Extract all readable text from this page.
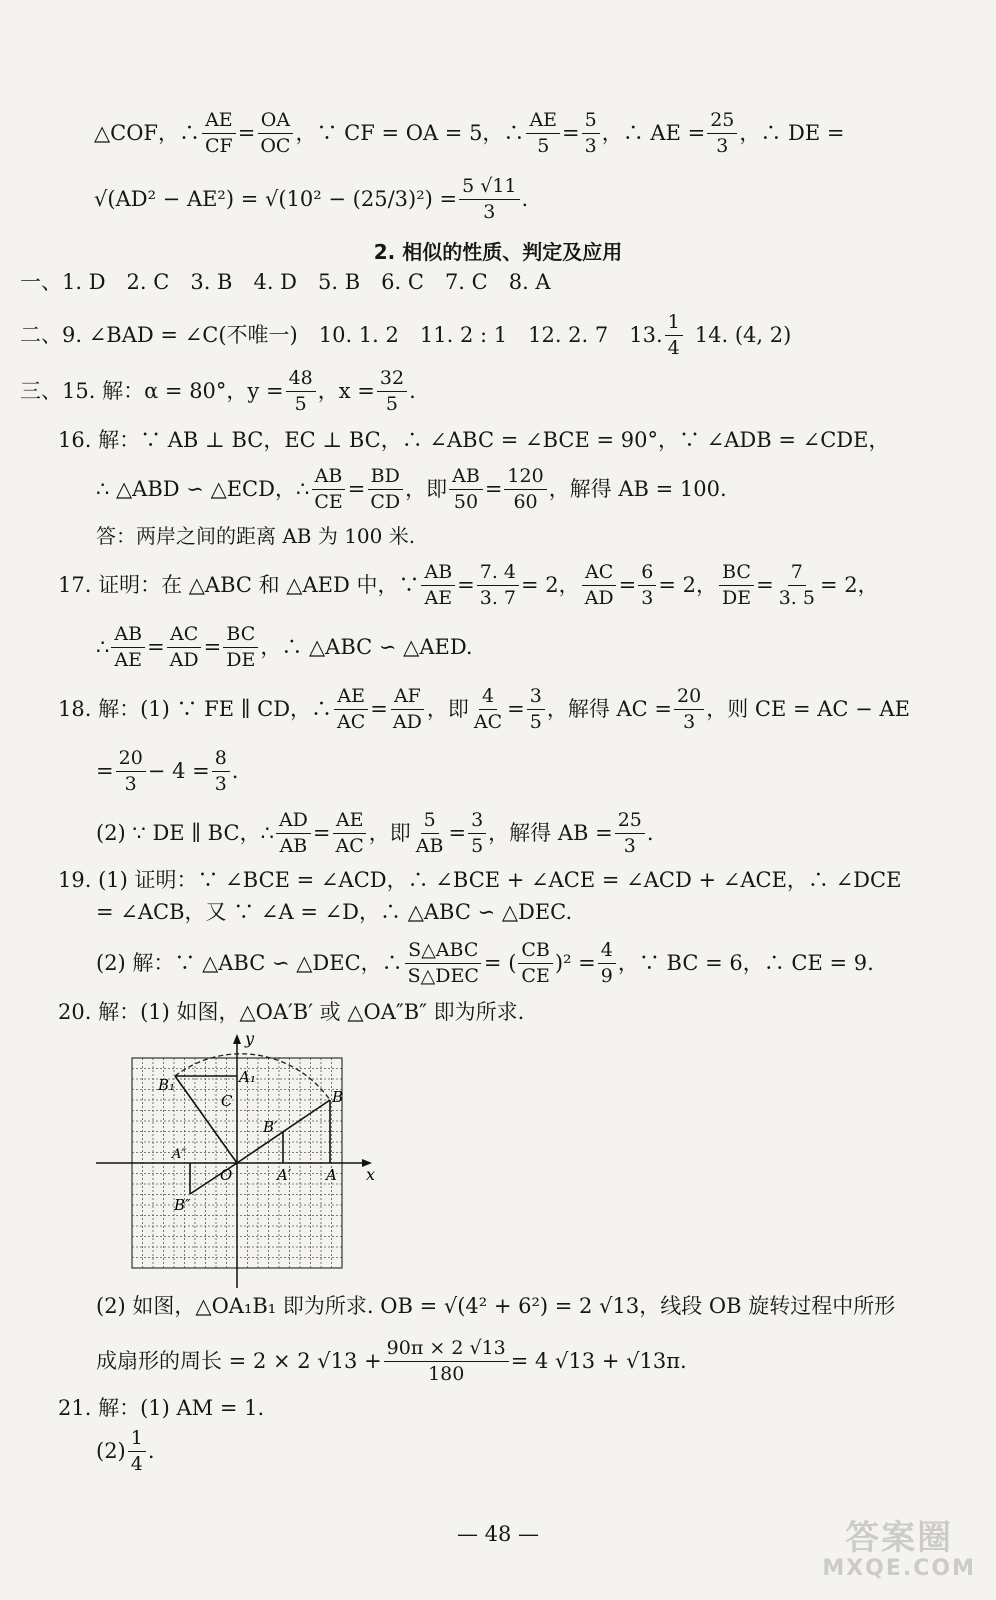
△COF，∴ $\frac{AE}{CF} = \frac{OA}{OC}$ ，∵ CF = OA = 5，∴ $\frac{AE}{5} = \frac{5}{3}$ ，∴ AE = $\frac{25}{3}$ ，∴ DE =
$√(AD^2 - AE^2) = √(10^2 - (25/3)^2) = \frac{5 √11}{3}$ .
2. 相似的性质、判定及应用
一、1. D　2. C　3. B　4. D　5. B　6. C　7. C　8. A
二、9. ∠BAD = ∠C(不唯一)　10. 1. 2　11. 2 : 1　12. 2. 7　13. $\frac{1}{4} 14$. (4, 2)
三、15. 解：α = 80°，$y = \frac{48}{5}$ ，$x = \frac{32}{5}$ .
16. 解：∵ AB ⊥ BC，EC ⊥ BC，∴ ∠ABC = ∠BCE = 90°，∵ ∠ADB = ∠CDE，
∴ △ABD ∽ △ECD，∴ $\frac{AB}{CE} = \frac{BD}{CD}$ ，即 $\frac{AB}{50} = \frac{120}{60}$ ，解得 AB = 100.
答：两岸之间的距离 AB 为 100 米.
17. 证明：在 △ABC 和 △AED 中，∵ $\frac{AB}{AE} = \frac{7. 4}{3. 7} = 2$， $\frac{AC}{AD} = \frac{6}{3} = 2$， $\frac{BC}{DE} = \frac{7}{3. 5} = 2$，
∴ $\frac{AB}{AE} = \frac{AC}{AD} = \frac{BC}{DE}$ ，∴ △ABC ∽ △AED.
18. 解：(1) ∵ FE ∥ CD，∴ $\frac{AE}{AC} = \frac{AF}{AD}$ ，即 $\frac{4}{AC} = \frac{3}{5}$ ，解得 AC = $\frac{20}{3}$ ，则 CE = AC − AE
= $\frac{20}{3} - 4 = \frac{8}{3}$ .
(2) ∵ DE ∥ BC，∴ $\frac{AD}{AB} = \frac{AE}{AC}$ ，即 $\frac{5}{AB} = \frac{3}{5}$ ，解得 AB = $\frac{25}{3}$ .
19. (1) 证明：∵ ∠BCE = ∠ACD，∴ ∠BCE + ∠ACE = ∠ACD + ∠ACE，∴ ∠DCE
= ∠ACB，又 ∵ ∠A = ∠D，∴ △ABC ∽ △DEC.
(2) 解：∵ △ABC ∽ △DEC，∴ $\frac{\text{S△ABC}}{\text{S△DEC}}$ = ( $\frac{CB}{CE} )^2 = \frac{4}{9}$ ，∵ BC = 6，∴ CE = 9.
20. 解：(1) 如图，△OA′B′ 或 △OA″B″ 即为所求.
y
x
B₁	A₁
C	B
B′
A″
O	A′ A
B″
(2) 如图，△OA₁B₁ 即为所求. OB = √(4² + 6²) = 2 √13，线段 OB 旋转过程中所形
成扇形的周长 = 2 × 2 $√13 + \frac{90\pi \times 2 √13}{180} = 4$ √13 + √13π.
21. 解：(1) AM = 1.
$(2) \frac{1}{4}$ .
— 48 —	答案圈
MXQE.COM
